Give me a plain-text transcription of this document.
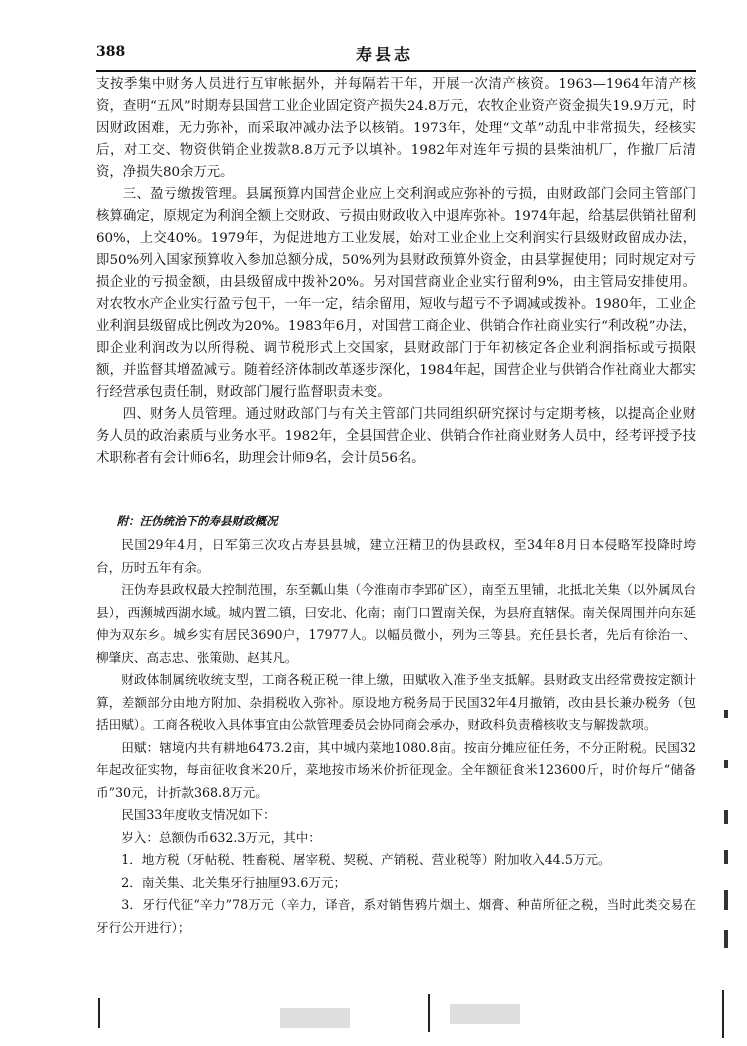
388	寿县志

支按季集中财务人员进行互审帐据外，并每隔若干年，开展一次清产核资。1963—1964年清产核资，查明“五风”时期寿县国营工业企业固定资产损失24.8万元，农牧企业资产资金损失19.9万元，时因财政困难，无力弥补，而采取冲减办法予以核销。1973年，处理“文革”动乱中非常损失，经核实后，对工交、物资供销企业拨款8.8万元予以填补。1982年对连年亏损的县柴油机厂，作撤厂后清资，净损失80余万元。

三、盈亏缴拨管理。县属预算内国营企业应上交利润或应弥补的亏损，由财政部门会同主管部门核算确定，原规定为利润全额上交财政、亏损由财政收入中退库弥补。1974年起，给基层供销社留利60%，上交40%。1979年，为促进地方工业发展，始对工业企业上交利润实行县级财政留成办法，即50%列入国家预算收入参加总额分成，50%列为县财政预算外资金，由县掌握使用；同时规定对亏损企业的亏损金额，由县级留成中拨补20%。另对国营商业企业实行留利9%，由主管局安排使用。对农牧水产企业实行盈亏包干，一年一定，结余留用，短收与超亏不予调减或拨补。1980年，工业企业利润县级留成比例改为20%。1983年6月，对国营工商企业、供销合作社商业实行“利改税”办法，即企业利润改为以所得税、调节税形式上交国家，县财政部门于年初核定各企业利润指标或亏损限额，并监督其增盈减亏。随着经济体制改革逐步深化，1984年起，国营企业与供销合作社商业大都实行经营承包责任制，财政部门履行监督职责未变。

四、财务人员管理。通过财政部门与有关主管部门共同组织研究探讨与定期考核，以提高企业财务人员的政治素质与业务水平。1982年，全县国营企业、供销合作社商业财务人员中，经考评授予技术职称者有会计师6名，助理会计师9名，会计员56名。

附：汪伪统治下的寿县财政概况

民国29年4月，日军第三次攻占寿县县城，建立汪精卫的伪县政权，至34年8月日本侵略军投降时垮台，历时五年有余。

汪伪寿县政权最大控制范围，东至瓤山集（今淮南市李郢矿区），南至五里铺，北抵北关集（以外属凤台县），西濒城西湖水域。城内置二镇，曰安北、化南；南门口置南关保，为县府直辖保。南关保周围并向东延伸为双东乡。城乡实有居民3690户，17977人。以幅员微小，列为三等县。充任县长者，先后有徐治一、柳肇庆、高志忠、张策勋、赵其凡。

财政体制属统收统支型，工商各税正税一律上缴，田赋收入准予坐支抵解。县财政支出经常费按定额计算，差额部分由地方附加、杂捐税收入弥补。原设地方税务局于民国32年4月撤销，改由县长兼办税务（包括田赋）。工商各税收入具体事宜由公款管理委员会协同商会承办，财政科负责稽核收支与解拨款项。

田赋：辖境内共有耕地6473.2亩，其中城内菜地1080.8亩。按亩分摊应征任务，不分正附税。民国32年起改征实物，每亩征收食米20斤，菜地按市场米价折征现金。全年额征食米123600斤，时价每斤“储备币”30元，计折款368.8万元。

民国33年度收支情况如下：

岁入：总额伪币632.3万元，其中：

1．地方税（牙帖税、牲畜税、屠宰税、契税、产销税、营业税等）附加收入44.5万元。

2．南关集、北关集牙行抽厘93.6万元；

3．牙行代征“辛力”78万元（辛力，译音，系对销售鸦片烟土、烟膏、种苗所征之税，当时此类交易在牙行公开进行）；
